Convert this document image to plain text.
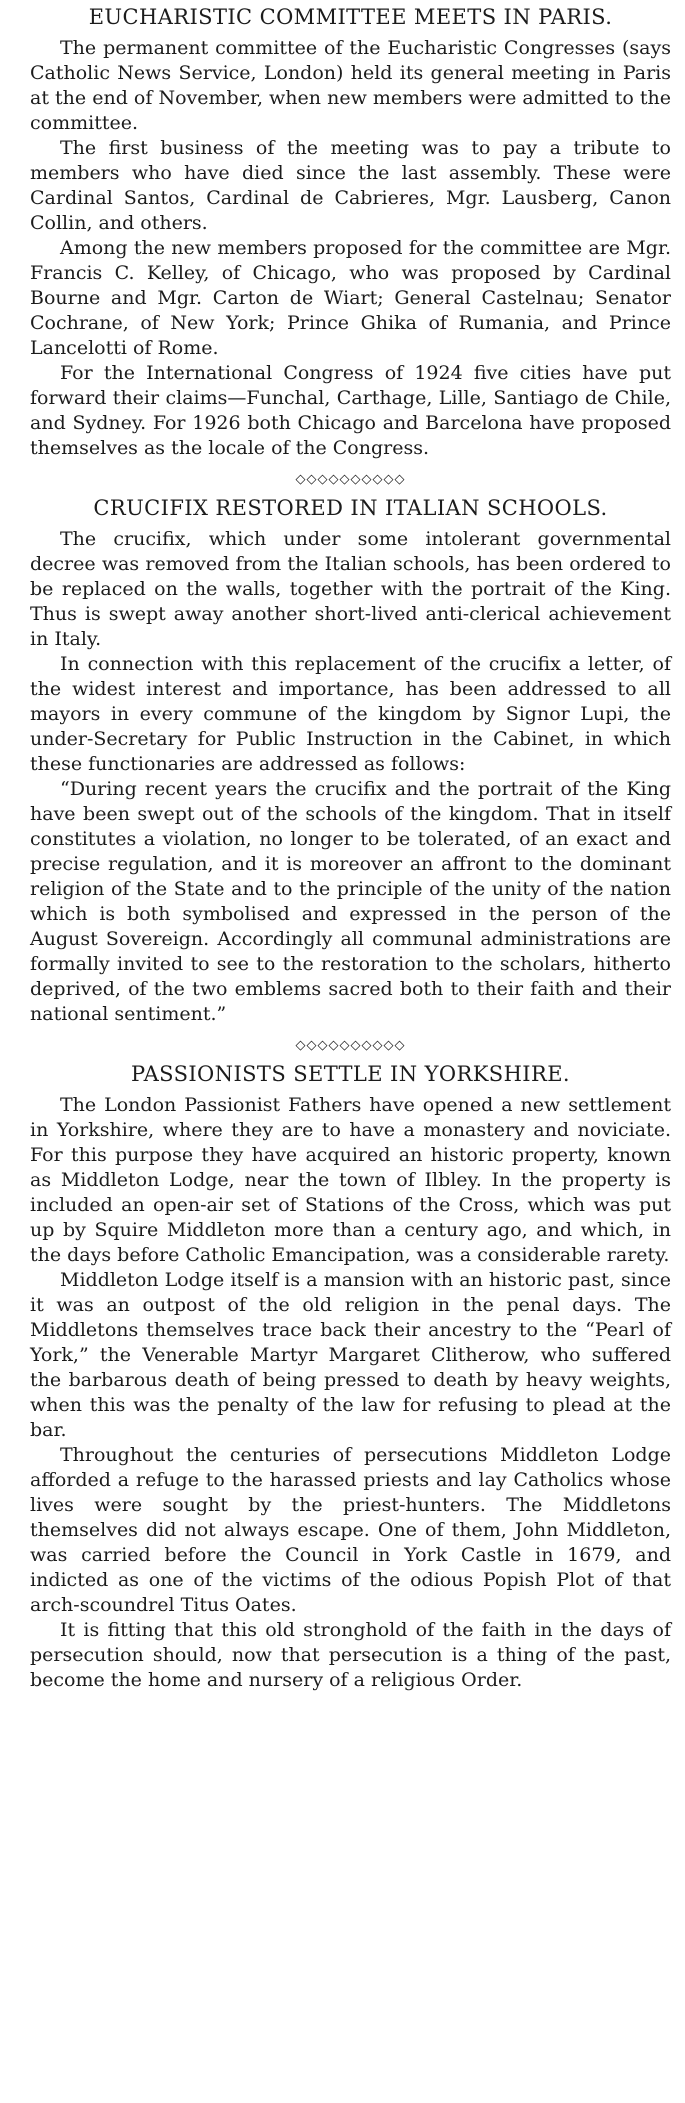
EUCHARISTIC COMMITTEE MEETS IN PARIS.

The permanent committee of the Eucharistic Congresses (says Catholic News Service, London) held its general meeting in Paris at the end of November, when new members were admitted to the committee.

The first business of the meeting was to pay a tribute to members who have died since the last assembly. These were Cardinal Santos, Cardinal de Cabrieres, Mgr. Lausberg, Canon Collin, and others.

Among the new members proposed for the committee are Mgr. Francis C. Kelley, of Chicago, who was proposed by Cardinal Bourne and Mgr. Carton de Wiart; General Castelnau; Senator Cochrane, of New York; Prince Ghika of Rumania, and Prince Lancelotti of Rome.

For the International Congress of 1924 five cities have put forward their claims—Funchal, Carthage, Lille, Santiago de Chile, and Sydney. For 1926 both Chicago and Barcelona have proposed themselves as the locale of the Congress.

◇◇◇◇◇◇◇◇◇◇
CRUCIFIX RESTORED IN ITALIAN SCHOOLS.

The crucifix, which under some intolerant governmental decree was removed from the Italian schools, has been ordered to be replaced on the walls, together with the portrait of the King. Thus is swept away another short-lived anti-clerical achievement in Italy.

In connection with this replacement of the crucifix a letter, of the widest interest and importance, has been addressed to all mayors in every commune of the kingdom by Signor Lupi, the under-Secretary for Public Instruction in the Cabinet, in which these functionaries are addressed as follows:

“During recent years the crucifix and the portrait of the King have been swept out of the schools of the kingdom. That in itself constitutes a violation, no longer to be tolerated, of an exact and precise regulation, and it is moreover an affront to the dominant religion of the State and to the principle of the unity of the nation which is both symbolised and expressed in the person of the August Sovereign. Accordingly all communal administrations are formally invited to see to the restoration to the scholars, hitherto deprived, of the two emblems sacred both to their faith and their national sentiment.”

◇◇◇◇◇◇◇◇◇◇
PASSIONISTS SETTLE IN YORKSHIRE.

The London Passionist Fathers have opened a new settlement in Yorkshire, where they are to have a monastery and noviciate. For this purpose they have acquired an historic property, known as Middleton Lodge, near the town of Ilbley. In the property is included an open-air set of Stations of the Cross, which was put up by Squire Middleton more than a century ago, and which, in the days before Catholic Emancipation, was a considerable rarety.

Middleton Lodge itself is a mansion with an historic past, since it was an outpost of the old religion in the penal days. The Middletons themselves trace back their ancestry to the “Pearl of York,” the Venerable Martyr Margaret Clitherow, who suffered the barbarous death of being pressed to death by heavy weights, when this was the penalty of the law for refusing to plead at the bar.

Throughout the centuries of persecutions Middleton Lodge afforded a refuge to the harassed priests and lay Catholics whose lives were sought by the priest-hunters. The Middletons themselves did not always escape. One of them, John Middleton, was carried before the Council in York Castle in 1679, and indicted as one of the victims of the odious Popish Plot of that arch-scoundrel Titus Oates.

It is fitting that this old stronghold of the faith in the days of persecution should, now that persecution is a thing of the past, become the home and nursery of a religious Order.
